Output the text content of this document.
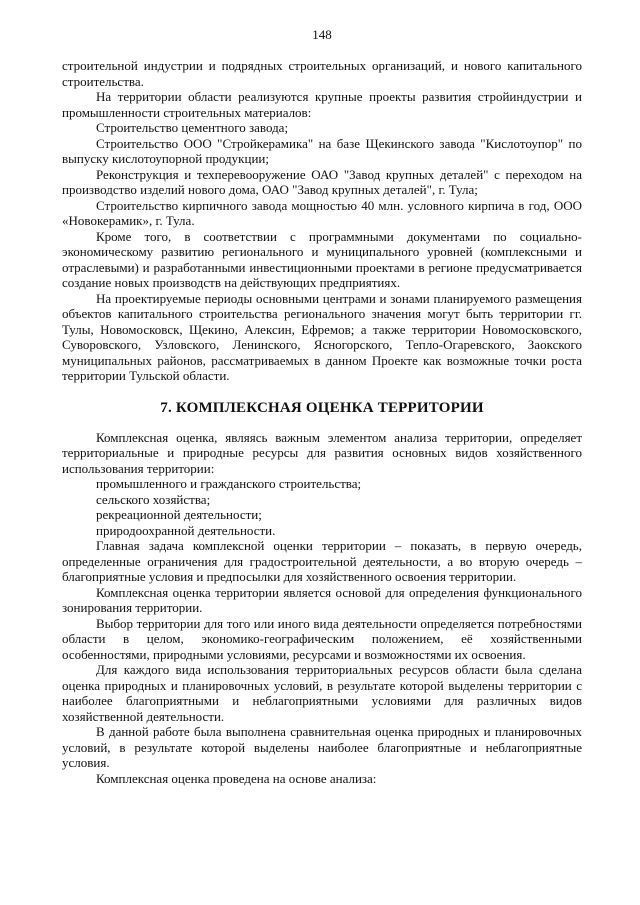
148

строительной индустрии и подрядных строительных организаций, и нового капитального строительства.

На территории области реализуются крупные проекты развития стройиндустрии и промышленности строительных материалов:

Строительство цементного завода;

Строительство ООО "Стройкерамика" на базе Щекинского завода "Кислотоупор" по выпуску кислотоупорной продукции;

Реконструкция и техперевооружение ОАО "Завод крупных деталей" с переходом на производство изделий нового дома, ОАО "Завод крупных деталей", г. Тула;

Строительство кирпичного завода мощностью 40 млн. условного кирпича в год, ООО «Новокерамик», г. Тула.

Кроме того, в соответствии с программными документами по социально-экономическому развитию регионального и муниципального уровней (комплексными и отраслевыми) и разработанными инвестиционными проектами в регионе предусматривается создание новых производств на действующих предприятиях.

На проектируемые периоды основными центрами и зонами планируемого размещения объектов капитального строительства регионального значения могут быть территории гг. Тулы, Новомосковск, Щекино, Алексин, Ефремов; а также территории Новомосковского, Суворовского, Узловского, Ленинского, Ясногорского, Тепло-Огаревского, Заокского муниципальных районов, рассматриваемых в данном Проекте как возможные точки роста территории Тульской области.

7. КОМПЛЕКСНАЯ ОЦЕНКА ТЕРРИТОРИИ

Комплексная оценка, являясь важным элементом анализа территории, определяет территориальные и природные ресурсы для развития основных видов хозяйственного использования территории:

промышленного и гражданского строительства;

сельского хозяйства;

рекреационной деятельности;

природоохранной деятельности.

Главная задача комплексной оценки территории – показать, в первую очередь, определенные ограничения для градостроительной деятельности, а во вторую очередь – благоприятные условия и предпосылки для хозяйственного освоения территории.

Комплексная оценка территории является основой для определения функционального зонирования территории.

Выбор территории для того или иного вида деятельности определяется потребностями области в целом, экономико-географическим положением, её хозяйственными особенностями, природными условиями, ресурсами и возможностями их освоения.

Для каждого вида использования территориальных ресурсов области была сделана оценка природных и планировочных условий, в результате которой выделены территории с наиболее благоприятными и неблагоприятными условиями для различных видов хозяйственной деятельности.

В данной работе была выполнена сравнительная оценка природных и планировочных условий, в результате которой выделены наиболее благоприятные и неблагоприятные условия.

Комплексная оценка проведена на основе анализа:
